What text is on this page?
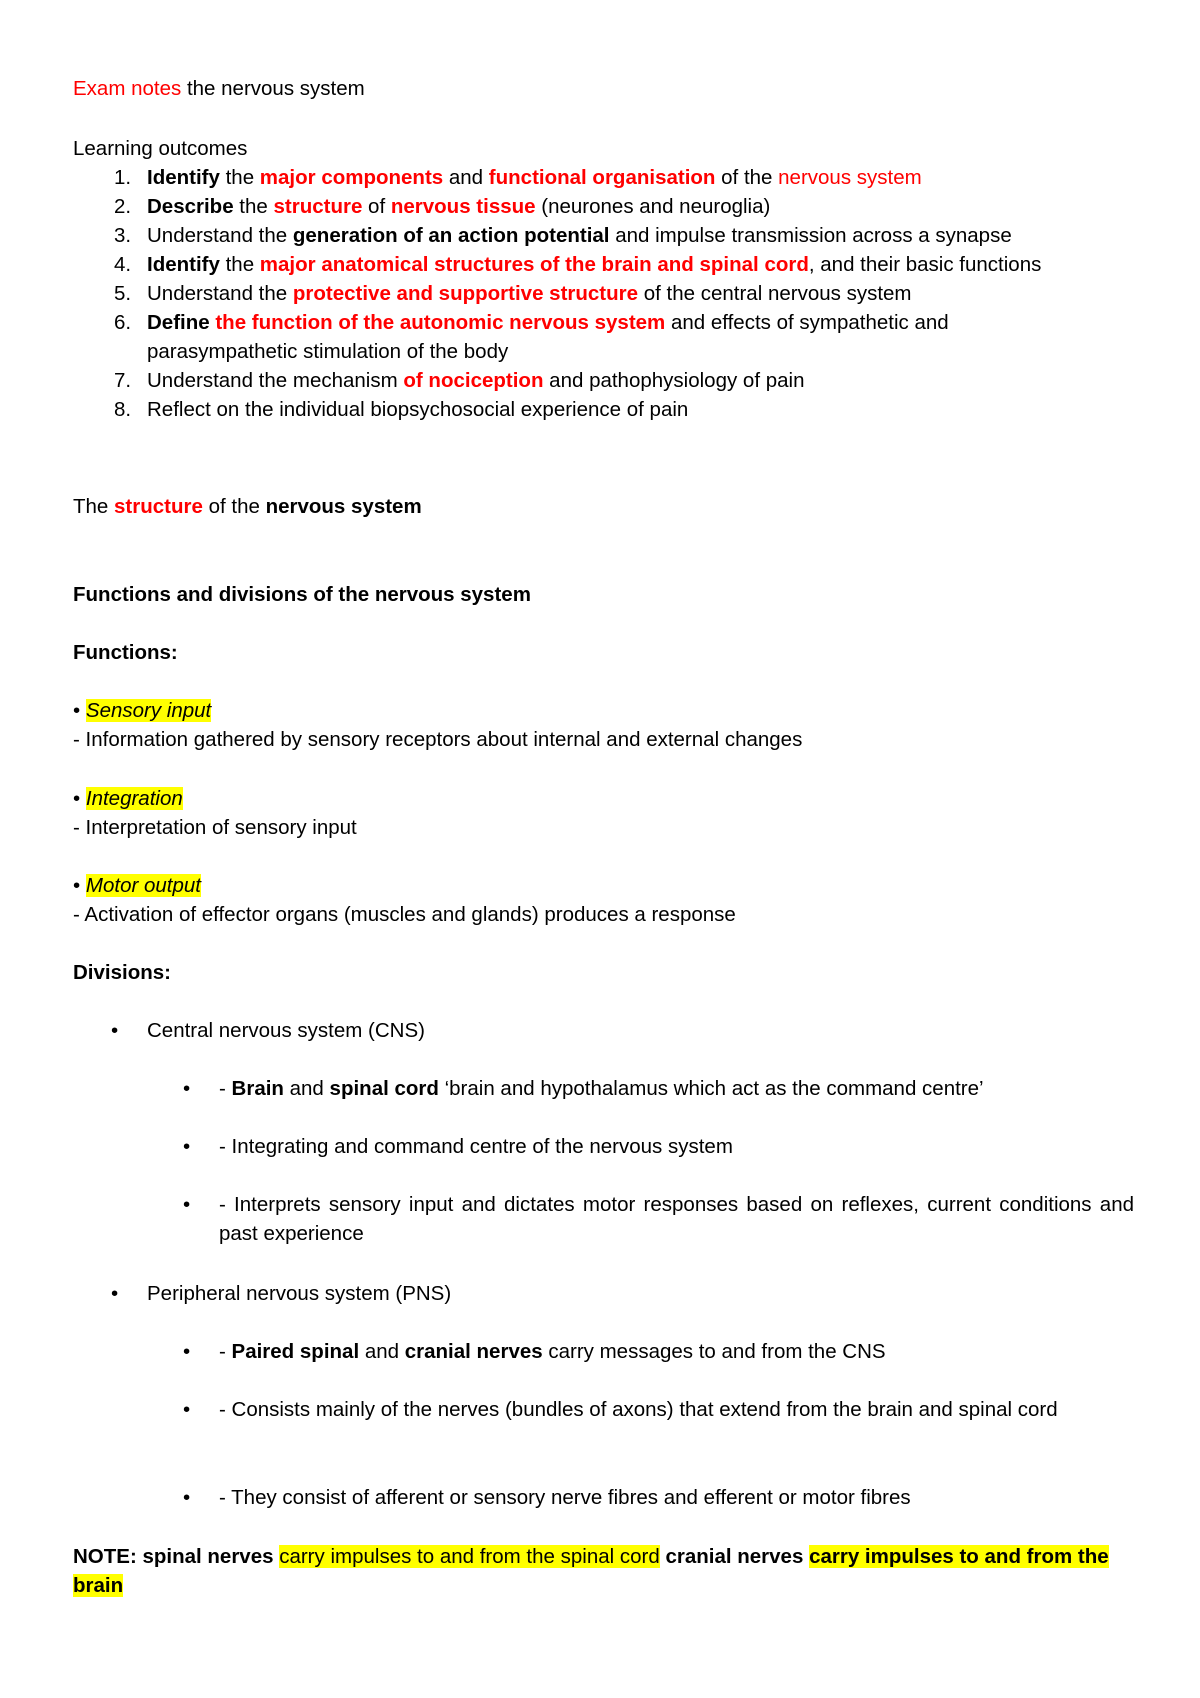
Exam notes the nervous system
Learning outcomes
1. Identify the major components and functional organisation of the nervous system
2. Describe the structure of nervous tissue (neurones and neuroglia)
3. Understand the generation of an action potential and impulse transmission across a synapse
4. Identify the major anatomical structures of the brain and spinal cord, and their basic functions
5. Understand the protective and supportive structure of the central nervous system
6. Define the function of the autonomic nervous system and effects of sympathetic and parasympathetic stimulation of the body
7. Understand the mechanism of nociception and pathophysiology of pain
8. Reflect on the individual biopsychosocial experience of pain
The structure of the nervous system
Functions and divisions of the nervous system
Functions:
• Sensory input
- Information gathered by sensory receptors about internal and external changes
• Integration
- Interpretation of sensory input
• Motor output
- Activation of effector organs (muscles and glands) produces a response
Divisions:
• Central nervous system (CNS)
• - Brain and spinal cord ‘brain and hypothalamus which act as the command centre’
• - Integrating and command centre of the nervous system
• - Interprets sensory input and dictates motor responses based on reflexes, current conditions and past experience
• Peripheral nervous system (PNS)
• - Paired spinal and cranial nerves carry messages to and from the CNS
• - Consists mainly of the nerves (bundles of axons) that extend from the brain and spinal cord
• - They consist of afferent or sensory nerve fibres and efferent or motor fibres
NOTE: spinal nerves carry impulses to and from the spinal cord cranial nerves carry impulses to and from the brain
